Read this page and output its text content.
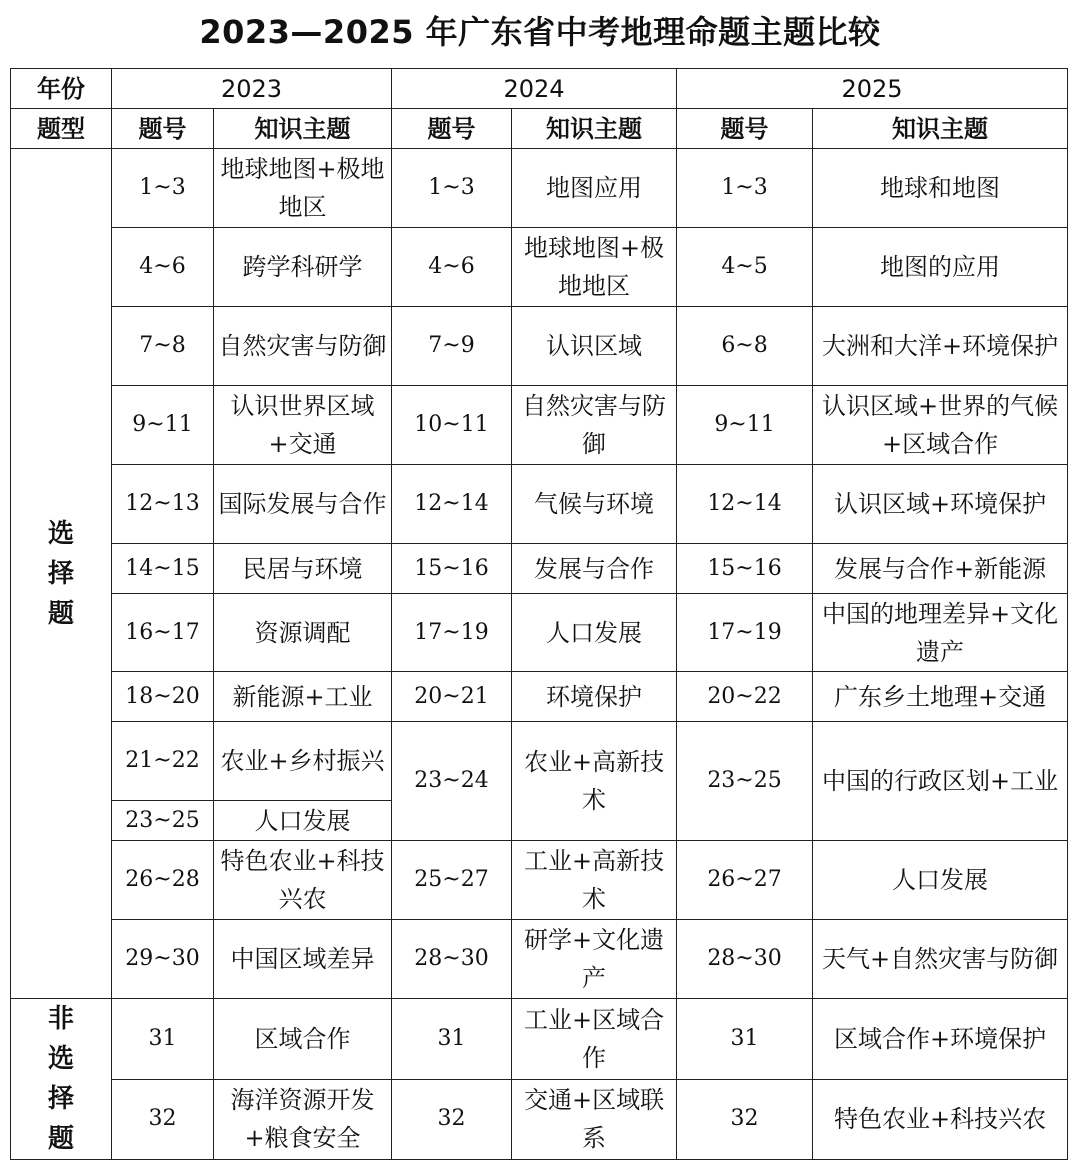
2023—2025 年广东省中考地理命题主题比较
年份	2023		2024		2025	
题型	题号	知识主题	题号	知识主题	题号	知识主题
选择题	1~3	地球地图+极地地区	1~3	地图应用	1~3	地球和地图
	4~6	跨学科研学	4~6	地球地图+极地地区	4~5	地图的应用
	7~8	自然灾害与防御	7~9	认识区域	6~8	大洲和大洋+环境保护
	9~11	认识世界区域+交通	10~11	自然灾害与防御	9~11	认识区域+世界的气候+区域合作
	12~13	国际发展与合作	12~14	气候与环境	12~14	认识区域+环境保护
	14~15	民居与环境	15~16	发展与合作	15~16	发展与合作+新能源
	16~17	资源调配	17~19	人口发展	17~19	中国的地理差异+文化遗产
	18~20	新能源+工业	20~21	环境保护	20~22	广东乡土地理+交通
	21~22	农业+乡村振兴	23~24	农业+高新技术	23~25	中国的行政区划+工业
	23~25	人口发展				
	26~28	特色农业+科技兴农	25~27	工业+高新技术	26~27	人口发展
	29~30	中国区域差异	28~30	研学+文化遗产	28~30	天气+自然灾害与防御
非选择题	31	区域合作	31	工业+区域合作	31	区域合作+环境保护
	32	海洋资源开发+粮食安全	32	交通+区域联系	32	特色农业+科技兴农
